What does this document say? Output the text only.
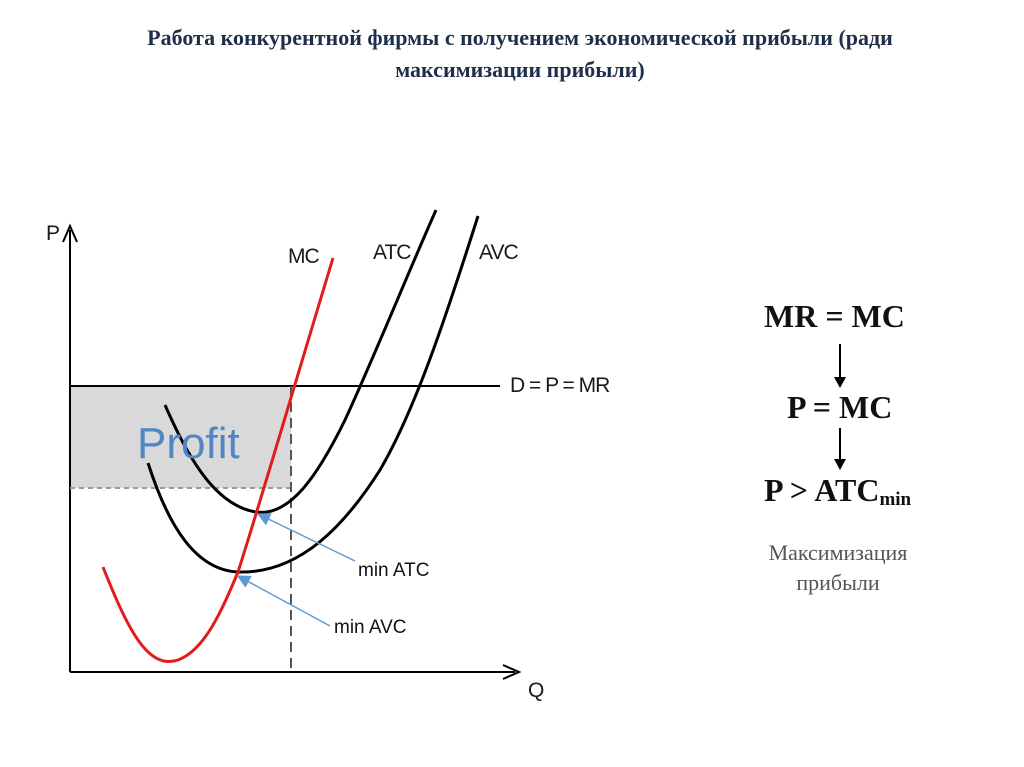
Работа конкурентной фирмы с получением экономической прибыли (ради
максимизации прибыли)
P
Q
D = P = MR
MC	ATC	AVC
Profit
min ATC
min AVC
MR = MC
P = MC
$P > ATC_{min}$
Максимизация
прибыли
